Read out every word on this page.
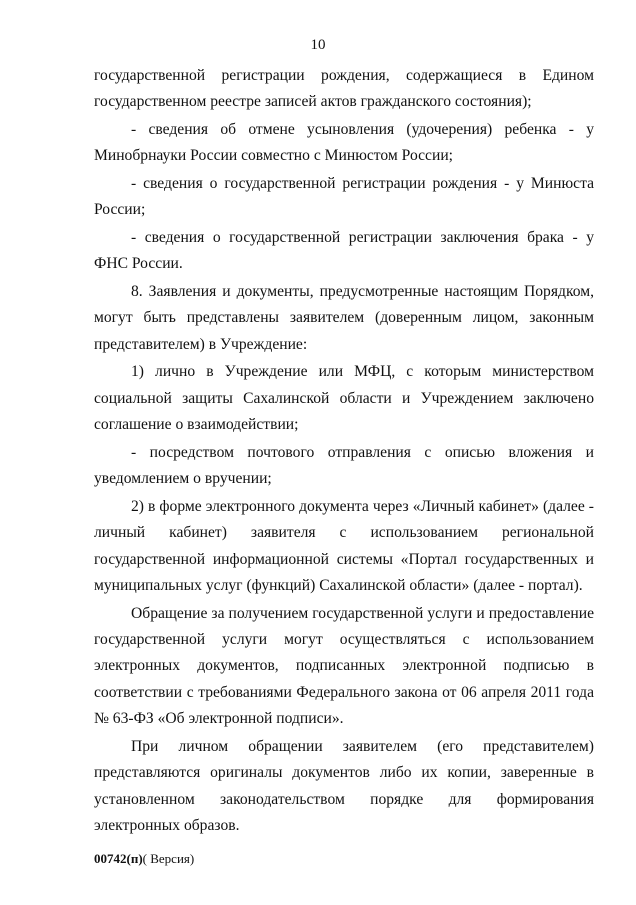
10

государственной регистрации рождения, содержащиеся в Едином государственном реестре записей актов гражданского состояния);

- сведения об отмене усыновления (удочерения) ребенка - у Минобрнауки России совместно с Минюстом России;

- сведения о государственной регистрации рождения - у Минюста России;

- сведения о государственной регистрации заключения брака - у ФНС России.

8. Заявления и документы, предусмотренные настоящим Порядком, могут быть представлены заявителем (доверенным лицом, законным представителем) в Учреждение:

1) лично в Учреждение или МФЦ, с которым министерством социальной защиты Сахалинской области и Учреждением заключено соглашение о взаимодействии;

- посредством почтового отправления с описью вложения и уведомлением о вручении;

2) в форме электронного документа через «Личный кабинет» (далее - личный кабинет) заявителя с использованием региональной государственной информационной системы «Портал государственных и муниципальных услуг (функций) Сахалинской области» (далее - портал).

Обращение за получением государственной услуги и предоставление государственной услуги могут осуществляться с использованием электронных документов, подписанных электронной подписью в соответствии с требованиями Федерального закона от 06 апреля 2011 года № 63-ФЗ «Об электронной подписи».

При личном обращении заявителем (его представителем) представляются оригиналы документов либо их копии, заверенные в установленном законодательством порядке для формирования электронных образов.

00742(п)( Версия)
